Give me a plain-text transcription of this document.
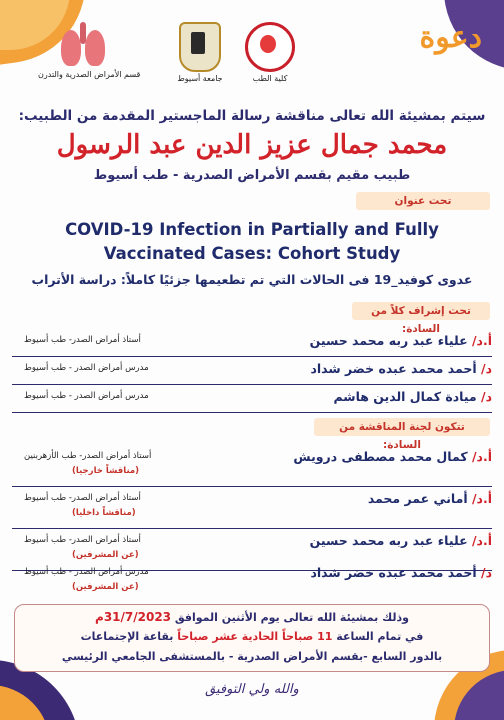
قسم الأمراض الصدرية والتدرن	جامعة أسيوط	كلية الطب
دعوة
سيتم بمشيئة الله تعالى مناقشة رسالة الماجستير المقدمة من الطبيب:
محمد جمال عزيز الدين عبد الرسول
طبيب مقيم بقسم الأمراض الصدرية - طب أسيوط
تحت عنوان
COVID-19 Infection in Partially and Fully Vaccinated Cases: Cohort Study
عدوى كوفيد_19 فى الحالات التي تم تطعيمها جزئيًا كاملاً: دراسة الأتراب
تحت إشراف كلاً من السادة:
أ.د/ علياء عبد ربه محمد حسين
أستاذ أمراض الصدر- طب أسيوط
د/ أحمد محمد عبده خضر شداد
مدرس أمراض الصدر - طب أسيوط
د/ ميادة كمال الدين هاشم
مدرس أمراض الصدر - طب أسيوط
تتكون لجنة المناقشة من السادة:
أ.د/ كمال محمد مصطفى درويش
أستاذ أمراض الصدر- طب الأزهربنين
(مناقشاً خارجيا)
أ.د/ أماني عمر محمد
أستاذ أمراض الصدر- طب أسيوط
(مناقشاً داخليا)
أ.د/ علياء عبد ربه محمد حسين
أستاذ أمراض الصدر- طب أسيوط
(عن المشرفين)
د/ أحمد محمد عبده خضر شداد
مدرس أمراض الصدر - طب أسيوط
(عن المشرفين)
وذلك بمشيئة الله تعالى يوم الأثنين الموافق 31/7/2023م
في تمام الساعة 11 صباحاً الحادية عشر صباحاً بقاعة الإجتماعات
بالدور السابع -بقسم الأمراض الصدرية - بالمستشفى الجامعي الرئيسي
والله ولي التوفيق
